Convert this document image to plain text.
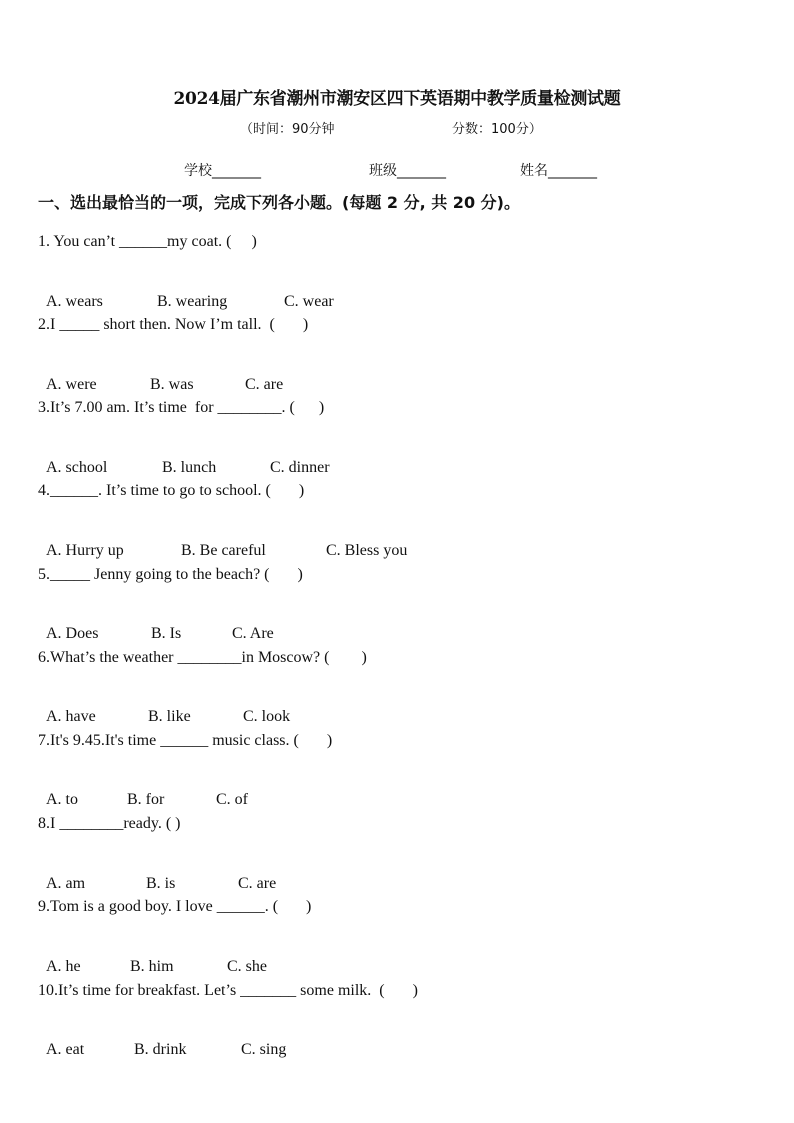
2024届广东省潮州市潮安区四下英语期中教学质量检测试题
（时间：90分钟	分数：100分）
学校_______	班级_______	姓名_______
一、选出最恰当的一项，完成下列各小题。(每题 2 分, 共 20 分)。
1. You can’t ______my coat. (     )

A. wears	B. wearing	C. wear

2.I _____ short then. Now I’m tall.  (       )

A. were	B. was	C. are

3.It’s 7.00 am. It’s time  for ________. (      )

A. school	B. lunch	C. dinner

4.______. It’s time to go to school. (       )

A. Hurry up	B. Be careful	C. Bless you

5._____ Jenny going to the beach? (       )

A. Does	B. Is	C. Are

6.What’s the weather ________in Moscow? (        )

A. have	B. like	C. look

7.It's 9.45.It's time ______ music class. (       )

A. to	B. for	C. of

8.I ________ready. ( )

A. am	B. is	C. are

9.Tom is a good boy. I love ______. (       )

A. he	B. him	C. she

10.It’s time for breakfast. Let’s _______ some milk.  (       )

A. eat	B. drink	C. sing
